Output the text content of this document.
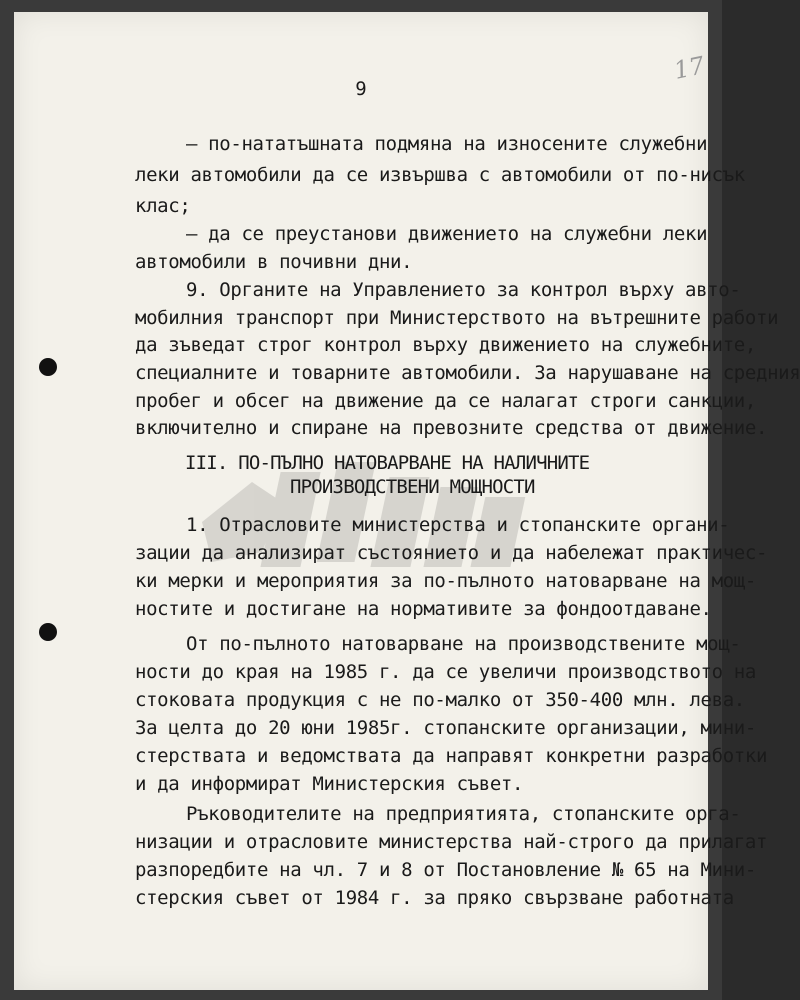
17
9
– по-нататъшната подмяна на износените служебни
леки автомобили да се извършва с автомобили от по-нисък
клас;
– да се преустанови движението на служебни леки
автомобили в почивни дни.
9. Органите на Управлението за контрол върху авто-
мобилния транспорт при Министерството на вътрешните работи
да зъведат строг контрол върху движението на служебните,
специалните и товарните автомобили. За нарушаване на средния
пробег и обсег на движение да се налагат строги санкции,
включително и спиране на превозните средства от движение.
III. ПО-ПЪЛНО НАТОВАРВАНЕ НА НАЛИЧНИТЕ
ПРОИЗВОДСТВЕНИ МОЩНОСТИ
1. Отрасловите министерства и стопанските органи-
зации да анализират състоянието и да набележат практичес-
ки мерки и мероприятия за по-пълното натоварване на мощ-
ностите и достигане на нормативите за фондоотдаване.
От по-пълното натоварване на производствените мощ-
ности до края на 1985 г. да се увеличи производството на
стоковата продукция с не по-малко от 350-400 млн. лева.
За целта до 20 юни 1985г. стопанските организации, мини-
стерствата и ведомствата да направят конкретни разработки
и да информират Министерския съвет.
Ръководителите на предприятията, стопанските орга-
низации и отрасловите министерства най-строго да прилагат
разпоредбите на чл. 7 и 8 от Постановление № 65 на Мини-
стерския съвет от 1984 г. за пряко свързване работната
